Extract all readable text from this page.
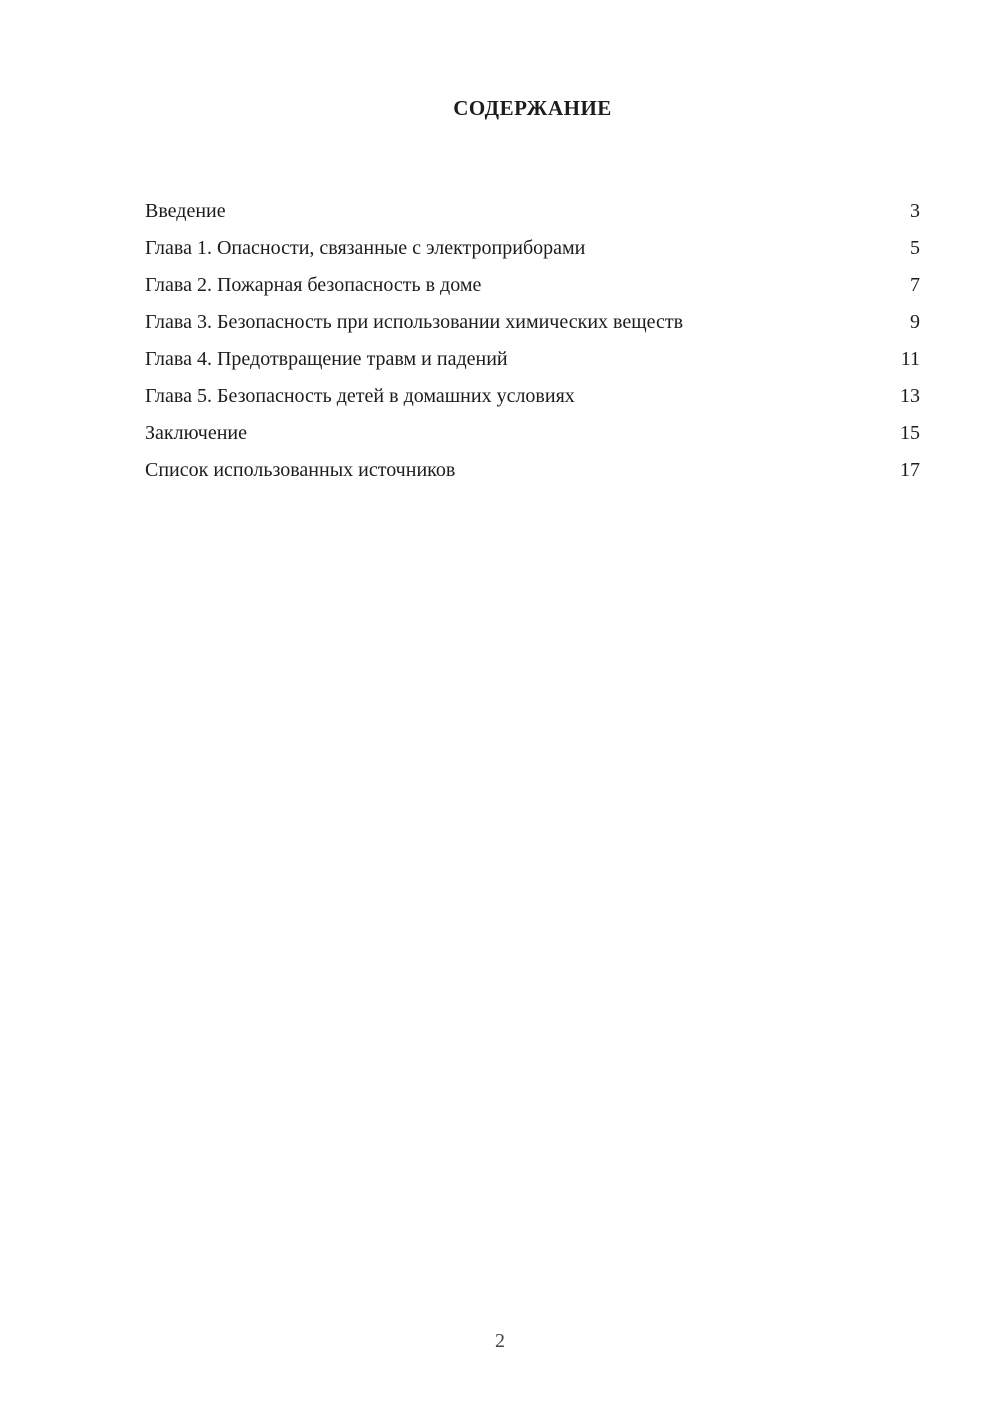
СОДЕРЖАНИЕ
Введение	3
Глава 1. Опасности, связанные с электроприборами	5
Глава 2. Пожарная безопасность в доме	7
Глава 3. Безопасность при использовании химических веществ	9
Глава 4. Предотвращение травм и падений	11
Глава 5. Безопасность детей в домашних условиях	13
Заключение	15
Список использованных источников	17
2
